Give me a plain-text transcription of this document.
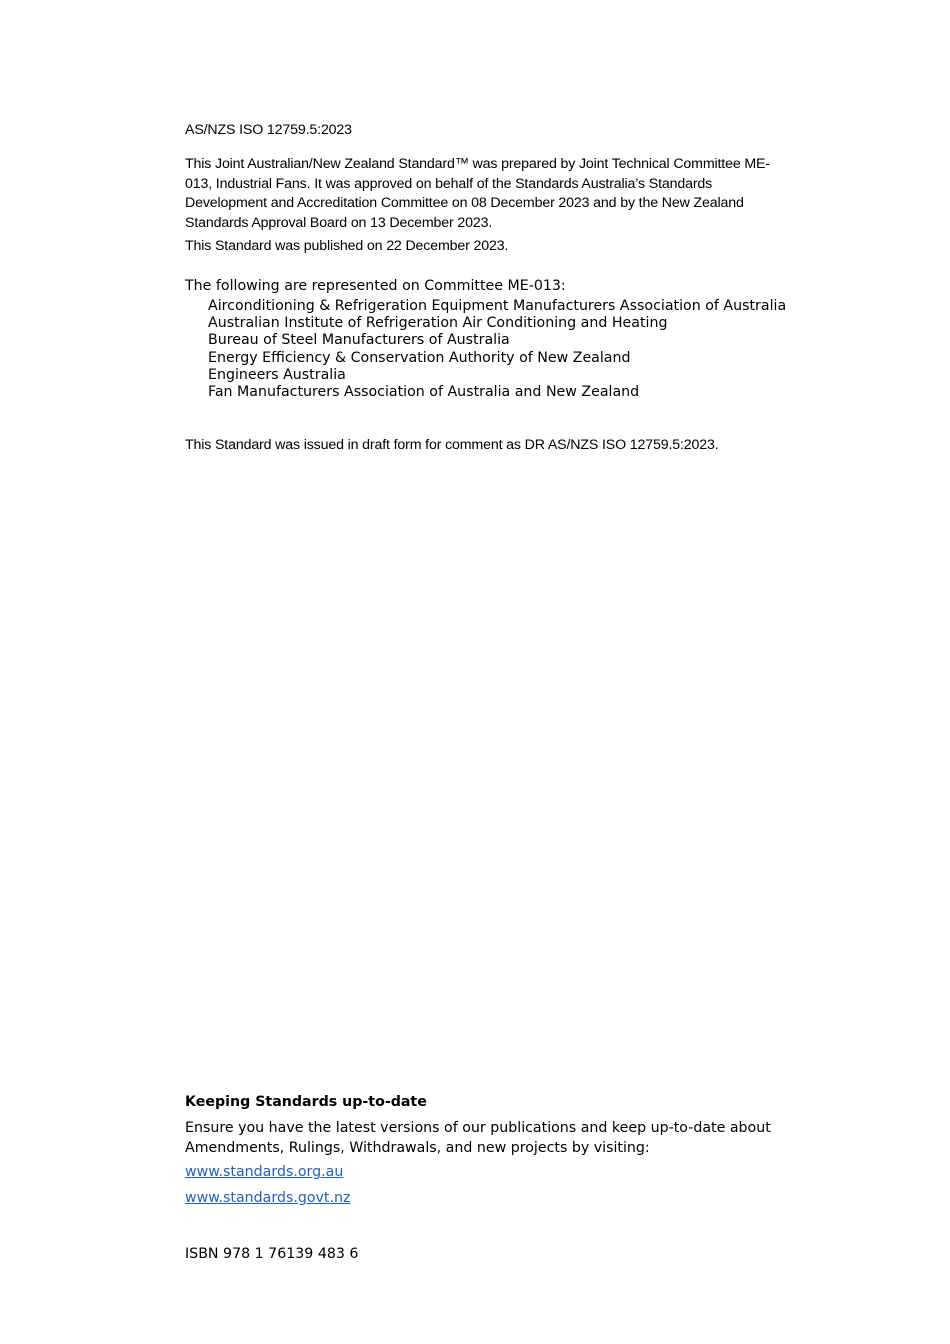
AS/NZS ISO 12759.5:2023

This Joint Australian/New Zealand Standard™ was prepared by Joint Technical Committee ME-013, Industrial Fans. It was approved on behalf of the Standards Australia’s Standards Development and Accreditation Committee on 08 December 2023 and by the New Zealand Standards Approval Board on 13 December 2023.

This Standard was published on 22 December 2023.

The following are represented on Committee ME-013:

Airconditioning & Refrigeration Equipment Manufacturers Association of Australia
Australian Institute of Refrigeration Air Conditioning and Heating
Bureau of Steel Manufacturers of Australia
Energy Efficiency & Conservation Authority of New Zealand
Engineers Australia
Fan Manufacturers Association of Australia and New Zealand

This Standard was issued in draft form for comment as DR AS/NZS ISO 12759.5:2023.

Keeping Standards up-to-date

Ensure you have the latest versions of our publications and keep up-to-date about Amendments, Rulings, Withdrawals, and new projects by visiting:

www.standards.org.au
www.standards.govt.nz

ISBN 978 1 76139 483 6
